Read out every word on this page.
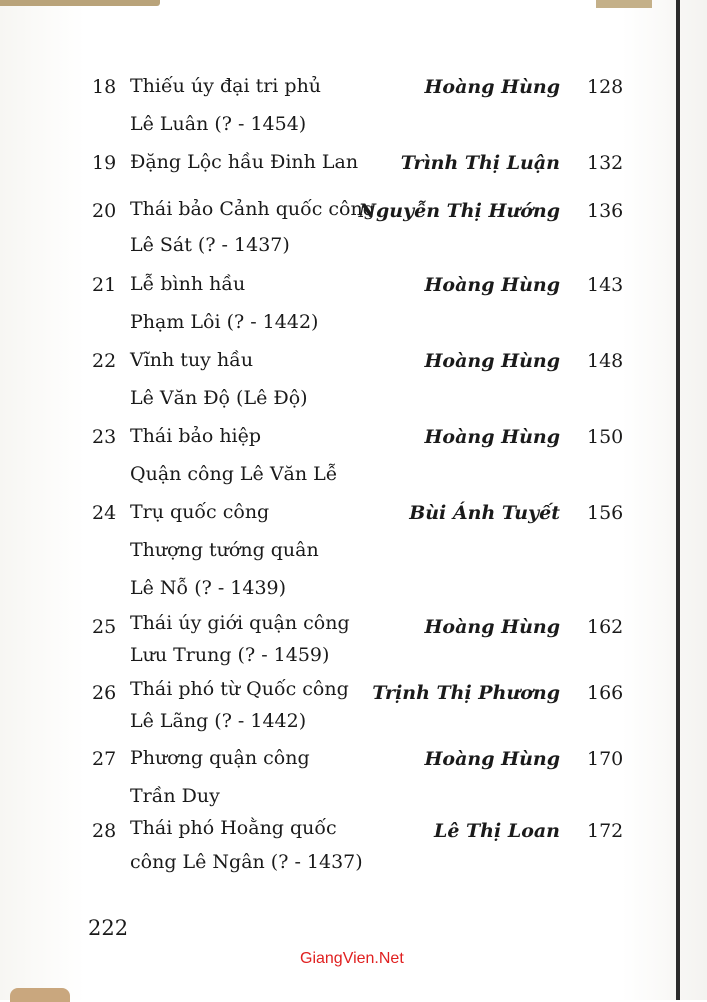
18 Thiếu úy đại tri phủ
Lê Luân (? - 1454)
Hoàng Hùng 128
19 Đặng Lộc hầu Đinh Lan Trình Thị Luận 132
20 Thái bảo Cảnh quốc công
Lê Sát (? - 1437)
Nguyễn Thị Hướng 136
21 Lễ bình hầu
Phạm Lôi (? - 1442)
Hoàng Hùng 143
22 Vĩnh tuy hầu
Lê Văn Độ (Lê Độ)
Hoàng Hùng 148
23 Thái bảo hiệp
Quận công Lê Văn Lễ
Hoàng Hùng 150
24 Trụ quốc công
Thượng tướng quân
Lê Nỗ (? - 1439)
Bùi Ánh Tuyết 156
25 Thái úy giới quận công
Lưu Trung (? - 1459)
Hoàng Hùng 162
26 Thái phó từ Quốc công
Lê Lãng (? - 1442)
Trịnh Thị Phương 166
27 Phương quận công
Trần Duy
Hoàng Hùng 170
28 Thái phó Hoằng quốc
công Lê Ngân (? - 1437)
Lê Thị Loan 172
222
GiangVien.Net
